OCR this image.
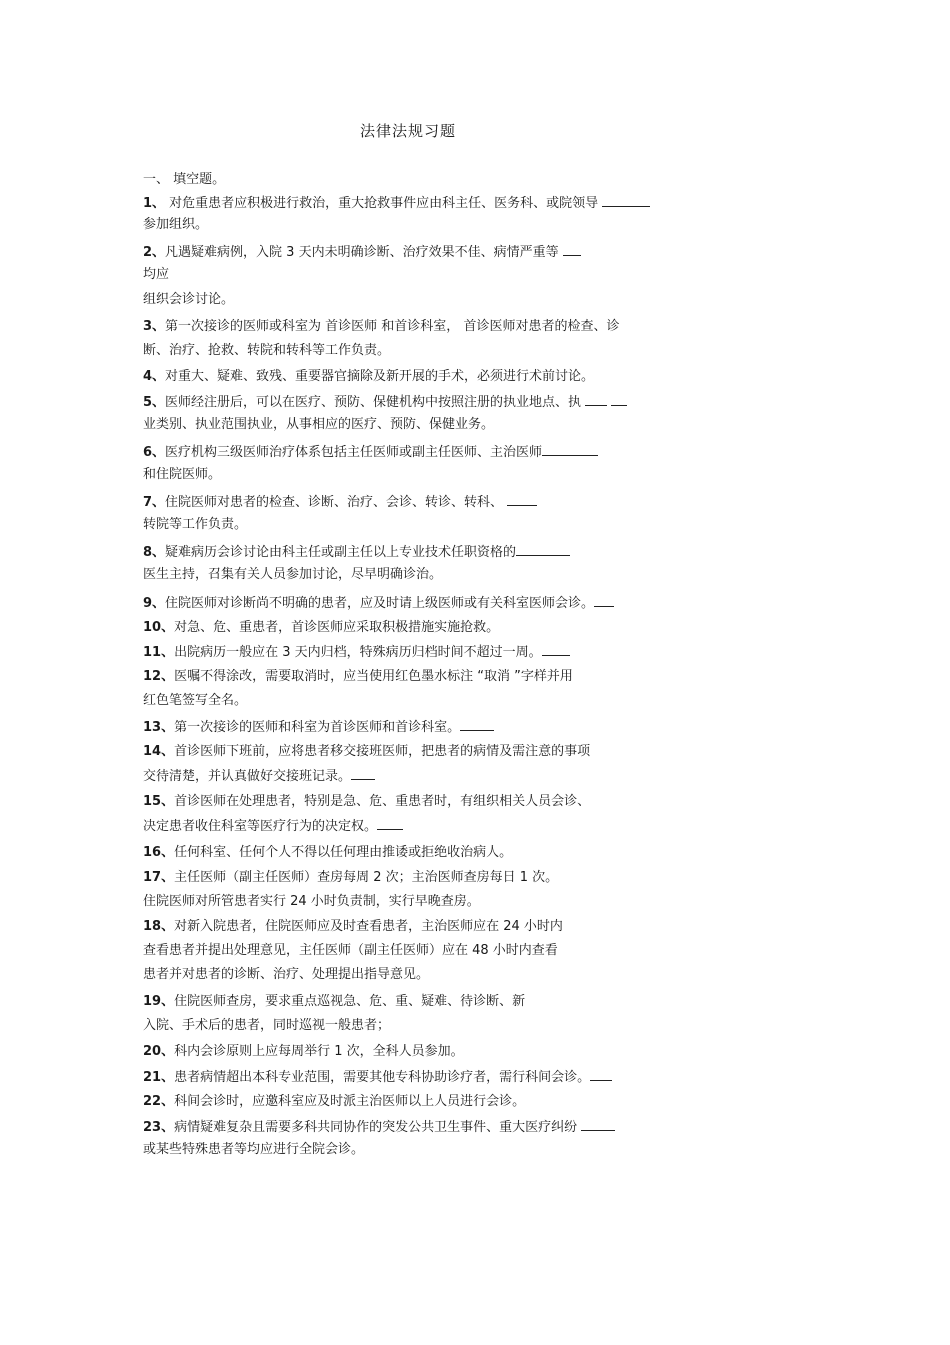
法律法规习题
一、 填空题。
1、 对危重患者应积极进行救治，重大抢救事件应由科主任、医务科、或院领导
参加组织。
2、凡遇疑难病例，入院 3 天内未明确诊断、治疗效果不佳、病情严重等
均应
组织会诊讨论。
3、第一次接诊的医师或科室为 首诊医师 和首诊科室， 首诊医师对患者的检查、诊
断、治疗、抢救、转院和转科等工作负责。
4、对重大、疑难、致残、重要器官摘除及新开展的手术，必须进行术前讨论。
5、医师经注册后，可以在医疗、预防、保健机构中按照注册的执业地点、执
业类别、执业范围执业，从事相应的医疗、预防、保健业务。
6、医疗机构三级医师治疗体系包括主任医师或副主任医师、主治医师
和住院医师。
7、住院医师对患者的检查、诊断、治疗、会诊、转诊、转科、
转院等工作负责。
8、疑难病历会诊讨论由科主任或副主任以上专业技术任职资格的
医生主持，召集有关人员参加讨论，尽早明确诊治。
9、住院医师对诊断尚不明确的患者，应及时请上级医师或有关科室医师会诊。
10、对急、危、重患者，首诊医师应采取积极措施实施抢救。
11、出院病历一般应在 3 天内归档，特殊病历归档时间不超过一周。
12、医嘱不得涂改，需要取消时，应当使用红色墨水标注 “取消 ”字样并用
红色笔签写全名。
13、第一次接诊的医师和科室为首诊医师和首诊科室。
14、首诊医师下班前，应将患者移交接班医师，把患者的病情及需注意的事项
交待清楚，并认真做好交接班记录。
15、首诊医师在处理患者，特别是急、危、重患者时，有组织相关人员会诊、
决定患者收住科室等医疗行为的决定权。
16、任何科室、任何个人不得以任何理由推诿或拒绝收治病人。
17、主任医师（副主任医师）查房每周 2 次；主治医师查房每日 1 次。
住院医师对所管患者实行 24 小时负责制，实行早晚查房。
18、对新入院患者，住院医师应及时查看患者，主治医师应在 24 小时内
查看患者并提出处理意见，主任医师（副主任医师）应在 48 小时内查看
患者并对患者的诊断、治疗、处理提出指导意见。
19、住院医师查房，要求重点巡视急、危、重、疑难、待诊断、新
入院、手术后的患者，同时巡视一般患者；
20、科内会诊原则上应每周举行 1 次，全科人员参加。
21、患者病情超出本科专业范围，需要其他专科协助诊疗者，需行科间会诊。
22、科间会诊时，应邀科室应及时派主治医师以上人员进行会诊。
23、病情疑难复杂且需要多科共同协作的突发公共卫生事件、重大医疗纠纷
或某些特殊患者等均应进行全院会诊。
